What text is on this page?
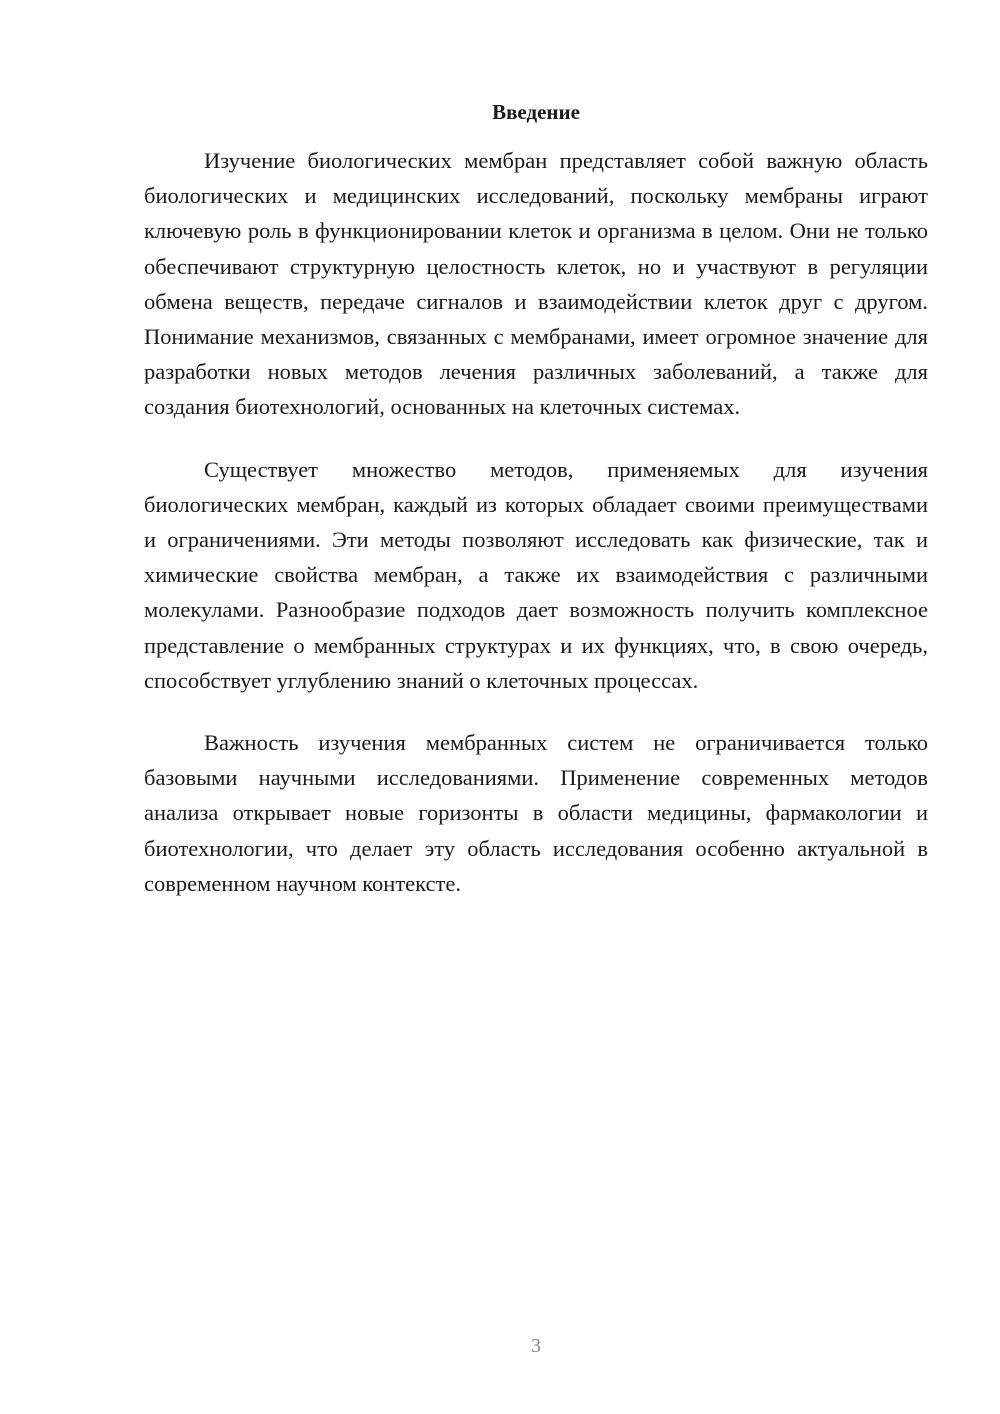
Введение

Изучение биологических мембран представляет собой важную область биологических и медицинских исследований, поскольку мембраны играют ключевую роль в функционировании клеток и организма в целом. Они не только обеспечивают структурную целостность клеток, но и участвуют в регуляции обмена веществ, передаче сигналов и взаимодействии клеток друг с другом. Понимание механизмов, связанных с мембранами, имеет огромное значение для разработки новых методов лечения различных заболеваний, а также для создания биотехнологий, основанных на клеточных системах.

Существует множество методов, применяемых для изучения биологических мембран, каждый из которых обладает своими преимуществами и ограничениями. Эти методы позволяют исследовать как физические, так и химические свойства мембран, а также их взаимодействия с различными молекулами. Разнообразие подходов дает возможность получить комплексное представление о мембранных структурах и их функциях, что, в свою очередь, способствует углублению знаний о клеточных процессах.

Важность изучения мембранных систем не ограничивается только базовыми научными исследованиями. Применение современных методов анализа открывает новые горизонты в области медицины, фармакологии и биотехнологии, что делает эту область исследования особенно актуальной в современном научном контексте.

3
